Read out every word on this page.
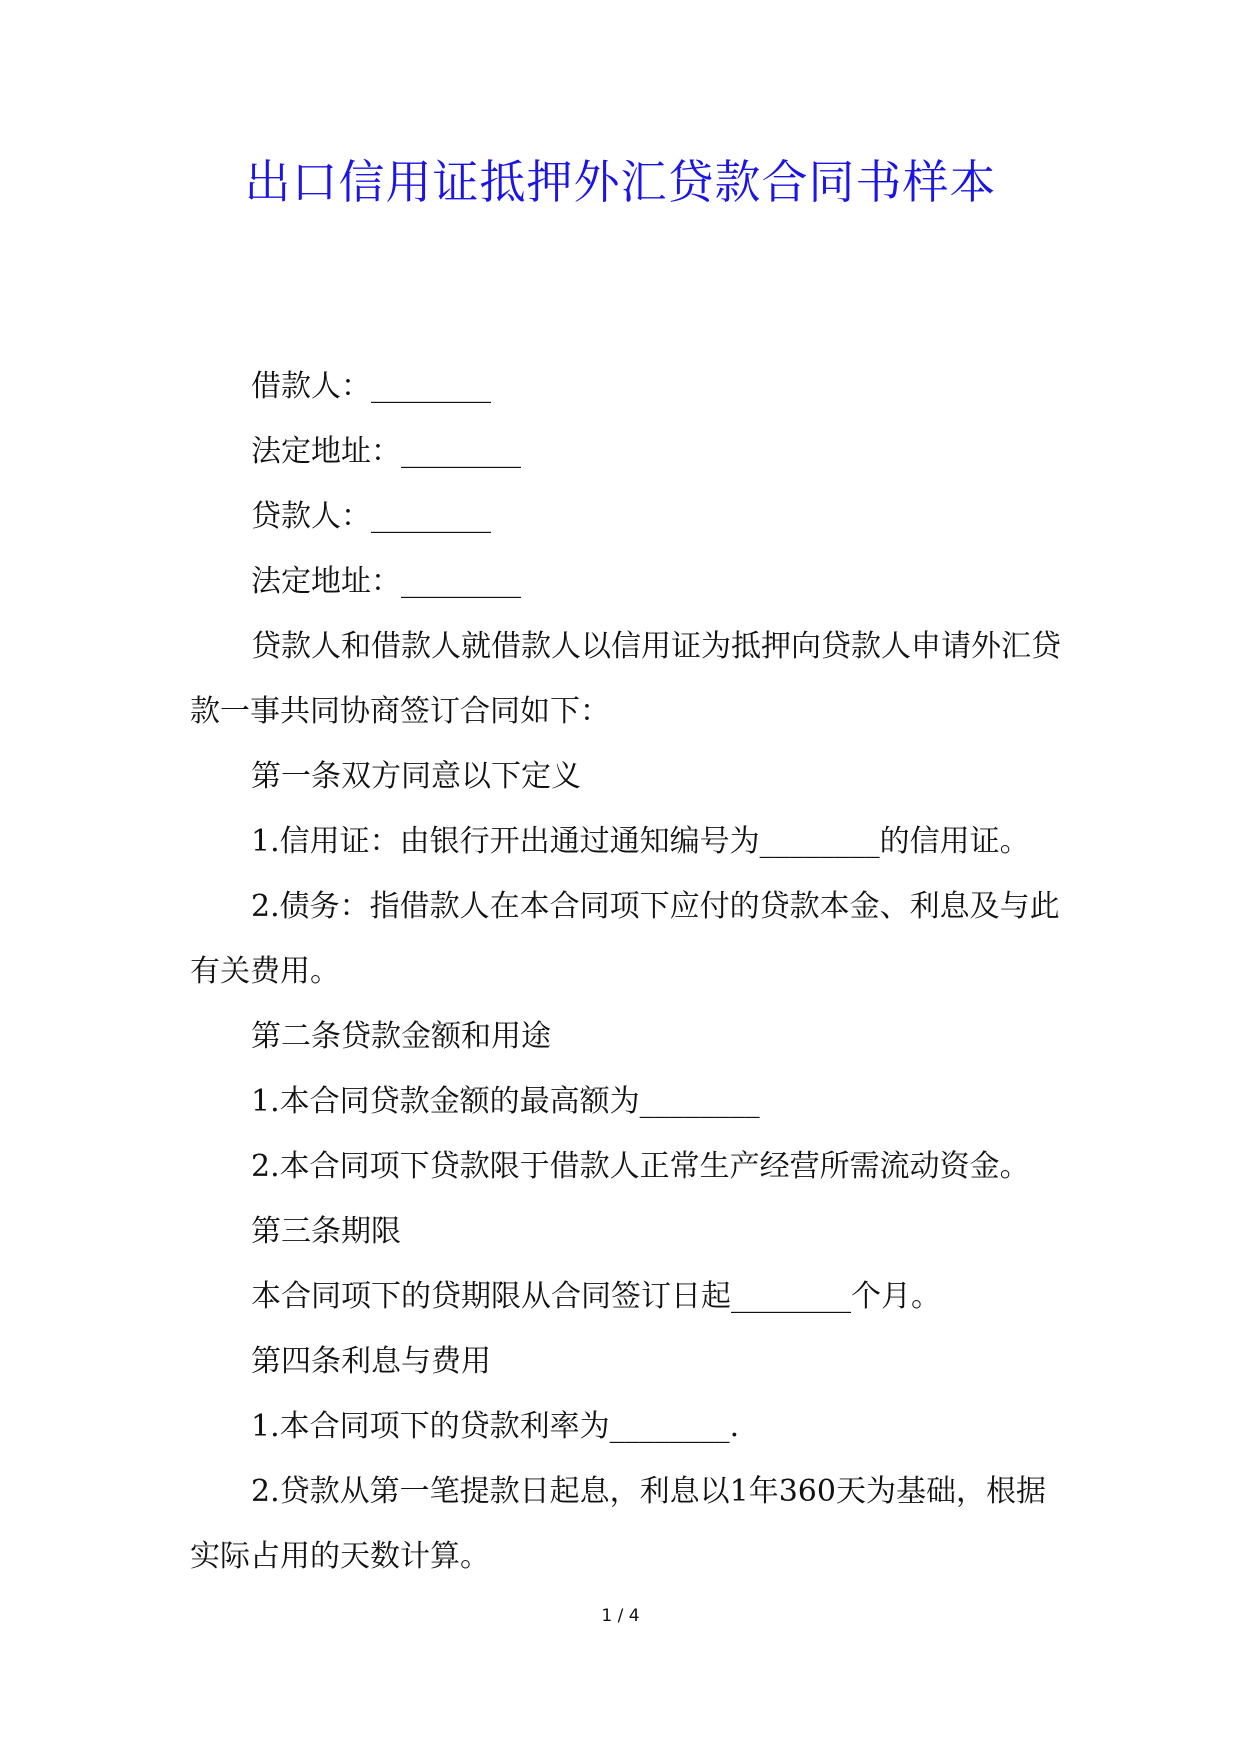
出口信用证抵押外汇贷款合同书样本

借款人：________

法定地址：________

贷款人：________

法定地址：________

贷款人和借款人就借款人以信用证为抵押向贷款人申请外汇贷款一事共同协商签订合同如下：

第一条双方同意以下定义

1.信用证：由银行开出通过通知编号为________的信用证。

2.债务：指借款人在本合同项下应付的贷款本金、利息及与此有关费用。

第二条贷款金额和用途

1.本合同贷款金额的最高额为________

2.本合同项下贷款限于借款人正常生产经营所需流动资金。

第三条期限

本合同项下的贷期限从合同签订日起________个月。

第四条利息与费用

1.本合同项下的贷款利率为________.

2.贷款从第一笔提款日起息，利息以1年360天为基础，根据实际占用的天数计算。

1 / 4
